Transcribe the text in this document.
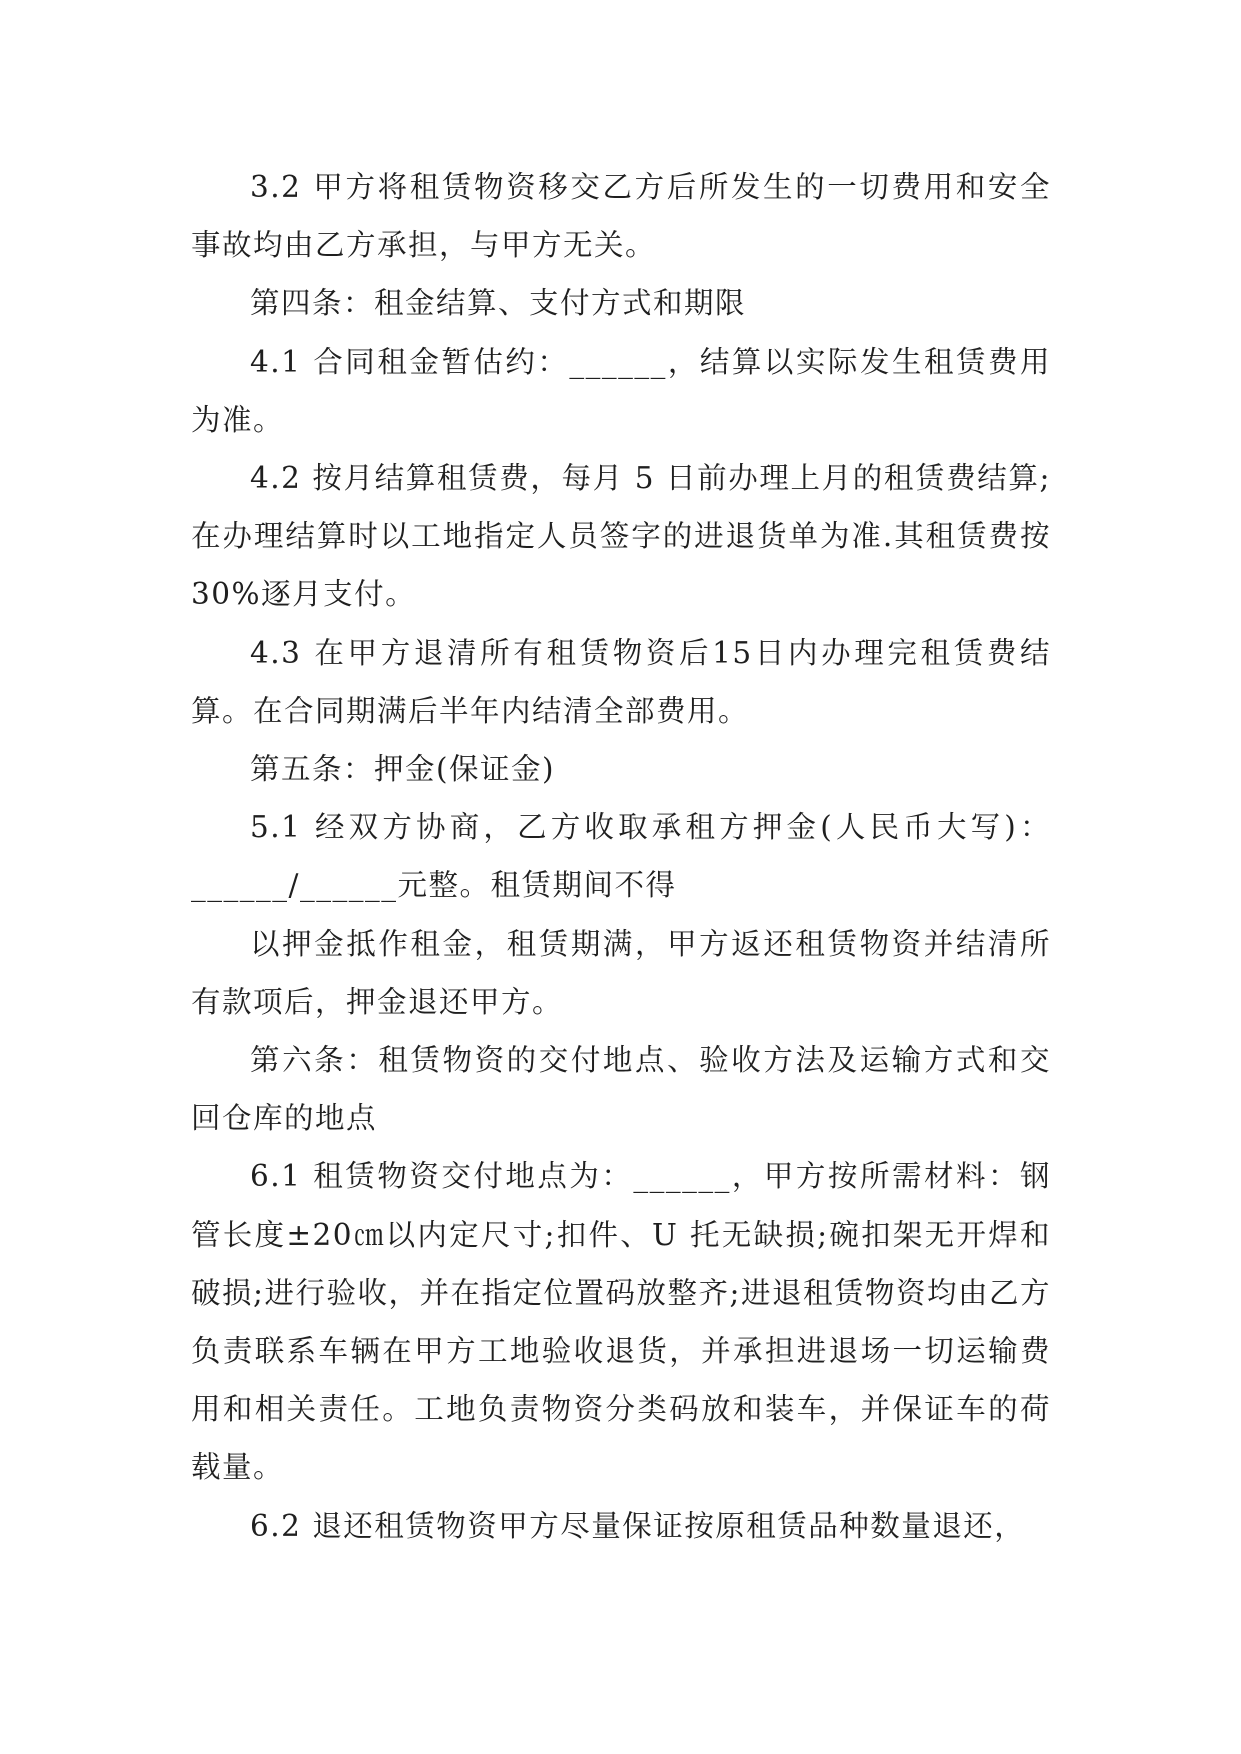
3.2 甲方将租赁物资移交乙方后所发生的一切费用和安全事故均由乙方承担，与甲方无关。

第四条：租金结算、支付方式和期限

4.1 合同租金暂估约：______，结算以实际发生租赁费用为准。

4.2 按月结算租赁费，每月 5 日前办理上月的租赁费结算;在办理结算时以工地指定人员签字的进退货单为准.其租赁费按 30%逐月支付。

4.3 在甲方退清所有租赁物资后15日内办理完租赁费结算。在合同期满后半年内结清全部费用。

第五条：押金(保证金)

5.1 经双方协商，乙方收取承租方押金(人民币大写)：______/______元整。租赁期间不得

以押金抵作租金，租赁期满，甲方返还租赁物资并结清所有款项后，押金退还甲方。

第六条：租赁物资的交付地点、验收方法及运输方式和交回仓库的地点

6.1 租赁物资交付地点为：______，甲方按所需材料：钢管长度±20㎝以内定尺寸;扣件、U 托无缺损;碗扣架无开焊和破损;进行验收，并在指定位置码放整齐;进退租赁物资均由乙方负责联系车辆在甲方工地验收退货，并承担进退场一切运输费用和相关责任。工地负责物资分类码放和装车，并保证车的荷载量。

6.2 退还租赁物资甲方尽量保证按原租赁品种数量退还，
